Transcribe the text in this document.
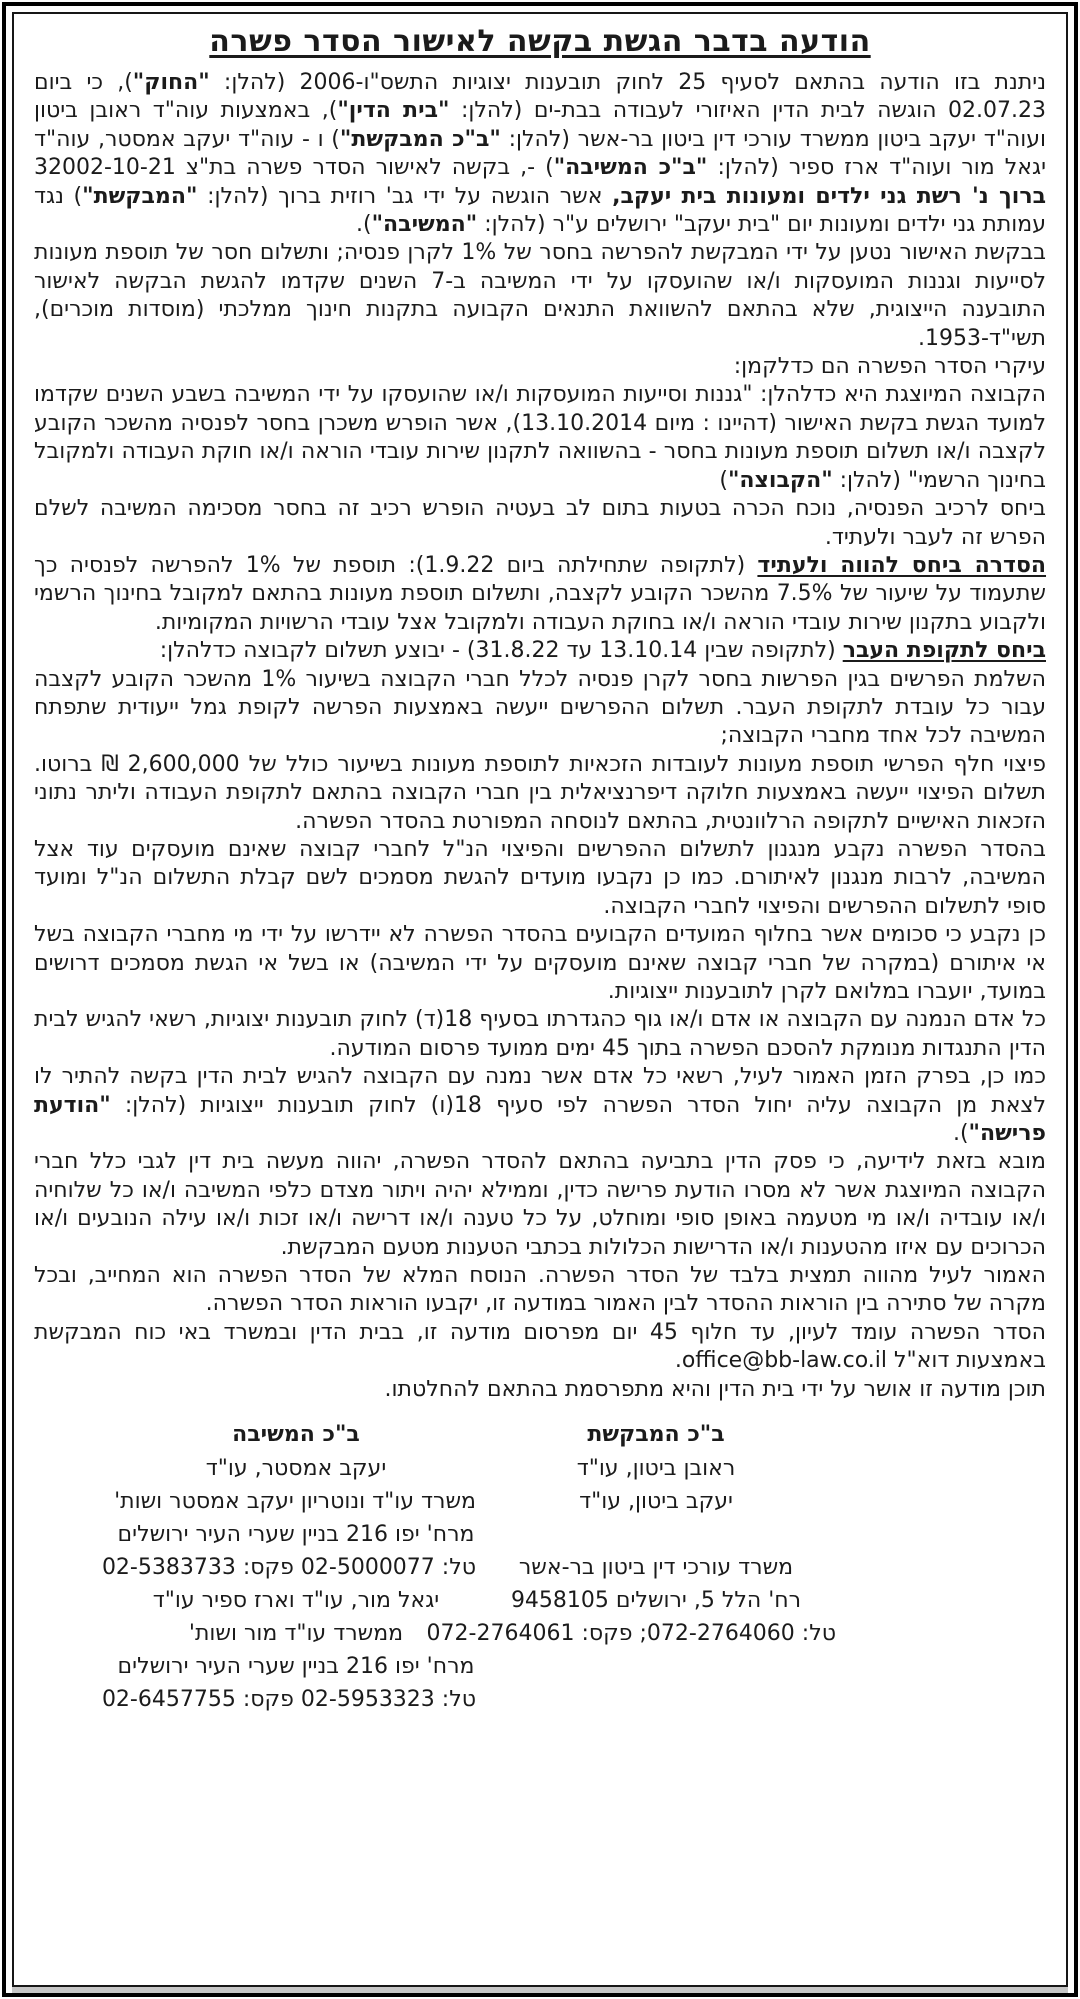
הודעה בדבר הגשת בקשה לאישור הסדר פשרה

ניתנת בזו הודעה בהתאם לסעיף 25 לחוק תובענות יצוגיות התשס"ו-2006 (להלן: "החוק"), כי ביום 02.07.23 הוגשה לבית הדין האיזורי לעבודה בבת-ים (להלן: "בית הדין"), באמצעות עוה"ד ראובן ביטון ועוה"ד יעקב ביטון ממשרד עורכי דין ביטון בר-אשר (להלן: "ב"כ המבקשת") ו - עוה"ד יעקב אמסטר, עוה"ד יגאל מור ועוה"ד ארז ספיר (להלן: "ב"כ המשיבה") -, בקשה לאישור הסדר פשרה בת"צ 32002-10-21 ברוך נ' רשת גני ילדים ומעונות בית יעקב, אשר הוגשה על ידי גב' רוזית ברוך (להלן: "המבקשת") נגד עמותת גני ילדים ומעונות יום "בית יעקב" ירושלים ע"ר (להלן: "המשיבה").

בבקשת האישור נטען על ידי המבקשת להפרשה בחסר של 1% לקרן פנסיה; ותשלום חסר של תוספת מעונות לסייעות וגננות המועסקות ו/או שהועסקו על ידי המשיבה ב-7 השנים שקדמו להגשת הבקשה לאישור התובענה הייצוגית, שלא בהתאם להשוואת התנאים הקבועה בתקנות חינוך ממלכתי (מוסדות מוכרים), תשי"ד-1953.

עיקרי הסדר הפשרה הם כדלקמן:

הקבוצה המיוצגת היא כדלהלן: "גננות וסייעות המועסקות ו/או שהועסקו על ידי המשיבה בשבע השנים שקדמו למועד הגשת בקשת האישור (דהיינו : מיום 13.10.2014), אשר הופרש משכרן בחסר לפנסיה מהשכר הקובע לקצבה ו/או תשלום תוספת מעונות בחסר - בהשוואה לתקנון שירות עובדי הוראה ו/או חוקת העבודה ולמקובל בחינוך הרשמי" (להלן: "הקבוצה")

ביחס לרכיב הפנסיה, נוכח הכרה בטעות בתום לב בעטיה הופרש רכיב זה בחסר מסכימה המשיבה לשלם הפרש זה לעבר ולעתיד.

הסדרה ביחס להווה ולעתיד (לתקופה שתחילתה ביום 1.9.22): תוספת של 1% להפרשה לפנסיה כך שתעמוד על שיעור של 7.5% מהשכר הקובע לקצבה, ותשלום תוספת מעונות בהתאם למקובל בחינוך הרשמי ולקבוע בתקנון שירות עובדי הוראה ו/או בחוקת העבודה ולמקובל אצל עובדי הרשויות המקומיות.

ביחס לתקופת העבר (לתקופה שבין 13.10.14 עד 31.8.22) - יבוצע תשלום לקבוצה כדלהלן:

השלמת הפרשים בגין הפרשות בחסר לקרן פנסיה לכלל חברי הקבוצה בשיעור 1% מהשכר הקובע לקצבה עבור כל עובדת לתקופת העבר. תשלום ההפרשים ייעשה באמצעות הפרשה לקופת גמל ייעודית שתפתח המשיבה לכל אחד מחברי הקבוצה;

פיצוי חלף הפרשי תוספת מעונות לעובדות הזכאיות לתוספת מעונות בשיעור כולל של 2,600,000 ₪ ברוטו. תשלום הפיצוי ייעשה באמצעות חלוקה דיפרנציאלית בין חברי הקבוצה בהתאם לתקופת העבודה וליתר נתוני הזכאות האישיים לתקופה הרלוונטית, בהתאם לנוסחה המפורטת בהסדר הפשרה.

בהסדר הפשרה נקבע מנגנון לתשלום ההפרשים והפיצוי הנ"ל לחברי קבוצה שאינם מועסקים עוד אצל המשיבה, לרבות מנגנון לאיתורם. כמו כן נקבעו מועדים להגשת מסמכים לשם קבלת התשלום הנ"ל ומועד סופי לתשלום ההפרשים והפיצוי לחברי הקבוצה.

כן נקבע כי סכומים אשר בחלוף המועדים הקבועים בהסדר הפשרה לא יידרשו על ידי מי מחברי הקבוצה בשל אי איתורם (במקרה של חברי קבוצה שאינם מועסקים על ידי המשיבה) או בשל אי הגשת מסמכים דרושים במועד, יועברו במלואם לקרן לתובענות ייצוגיות.

כל אדם הנמנה עם הקבוצה או אדם ו/או גוף כהגדרתו בסעיף 18(ד) לחוק תובענות יצוגיות, רשאי להגיש לבית הדין התנגדות מנומקת להסכם הפשרה בתוך 45 ימים ממועד פרסום המודעה.

כמו כן, בפרק הזמן האמור לעיל, רשאי כל אדם אשר נמנה עם הקבוצה להגיש לבית הדין בקשה להתיר לו לצאת מן הקבוצה עליה יחול הסדר הפשרה לפי סעיף 18(ו) לחוק תובענות ייצוגיות (להלן: "הודעת פרישה").

מובא בזאת לידיעה, כי פסק הדין בתביעה בהתאם להסדר הפשרה, יהווה מעשה בית דין לגבי כלל חברי הקבוצה המיוצגת אשר לא מסרו הודעת פרישה כדין, וממילא יהיה ויתור מצדם כלפי המשיבה ו/או כל שלוחיה ו/או עובדיה ו/או מי מטעמה באופן סופי ומוחלט, על כל טענה ו/או דרישה ו/או זכות ו/או עילה הנובעים ו/או הכרוכים עם איזו מהטענות ו/או הדרישות הכלולות בכתבי הטענות מטעם המבקשת.

האמור לעיל מהווה תמצית בלבד של הסדר הפשרה. הנוסח המלא של הסדר הפשרה הוא המחייב, ובכל מקרה של סתירה בין הוראות ההסדר לבין האמור במודעה זו, יקבעו הוראות הסדר הפשרה.

הסדר הפשרה עומד לעיון, עד חלוף 45 יום מפרסום מודעה זו, בבית הדין ובמשרד באי כוח המבקשת באמצעות דוא"ל office@bb-law.co.il.

תוכן מודעה זו אושר על ידי בית הדין והיא מתפרסמת בהתאם להחלטתו.

ב"כ המבקשת
ראובן ביטון, עו"ד
יעקב ביטון, עו"ד

משרד עורכי דין ביטון בר-אשר
רח' הלל 5, ירושלים 9458105
טל: 072-2764060; פקס: 072-2764061
ב"כ המשיבה
יעקב אמסטר, עו"ד
משרד עו"ד ונוטריון יעקב אמסטר ושות'
מרח' יפו 216 בניין שערי העיר ירושלים
טל: 02-5000077 פקס: 02-5383733
יגאל מור, עו"ד וארז ספיר עו"ד
ממשרד עו"ד מור ושות'
מרח' יפו 216 בניין שערי העיר ירושלים
טל: 02-5953323 פקס: 02-6457755
